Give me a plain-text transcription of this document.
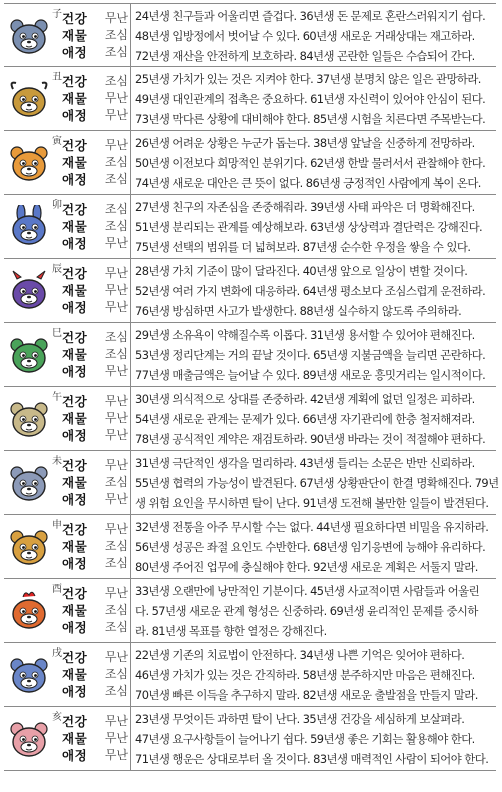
子 건강 무난
재물 조심
애정 조심

24년생 친구들과 어울리면 즐겁다. 36년생 돈 문제로 혼란스러워지기 쉽다.

48년생 입방정에서 벗어날 수 있다. 60년생 새로운 거래상대는 재고하라.

72년생 재산을 안전하게 보호하라. 84년생 곤란한 일들은 수습되어 간다.

丑 건강 조심
재물 무난
애정 무난

25년생 가치가 있는 것은 지켜야 한다. 37년생 분명치 않은 일은 관망하라.

49년생 대인관계의 접촉은 중요하다. 61년생 자신력이 있어야 안심이 된다.

73년생 막다른 상황에 대비해야 한다. 85년생 시험을 치른다면 주목받는다.

寅 건강 무난
재물 조심
애정 조심

26년생 어려운 상황은 누군가 돕는다. 38년생 앞날을 신중하게 전망하라.

50년생 이전보다 희망적인 분위기다. 62년생 한발 물러서서 관찰해야 한다.

74년생 새로운 대안은 큰 뜻이 없다. 86년생 긍정적인 사람에게 복이 온다.

卯 건강 조심
재물 조심
애정 무난

27년생 친구의 자존심을 존중해줘라. 39년생 사태 파악은 더 명확해진다.

51년생 분리되는 관계를 예상해보라. 63년생 상상력과 결단력은 강해진다.

75년생 선택의 범위를 더 넓혀보라. 87년생 순수한 우정을 쌓을 수 있다.

辰 건강 무난
재물 무난
애정 무난

28년생 가치 기준이 많이 달라진다. 40년생 앞으로 일상이 변할 것이다.

52년생 여러 가지 변화에 대응하라. 64년생 평소보다 조심스럽게 운전하라.

76년생 방심하면 사고가 발생한다. 88년생 실수하지 않도록 주의하라.

巳 건강 조심
재물 조심
애정 무난

29년생 소유욕이 약해질수록 이롭다. 31년생 용서할 수 있어야 편해진다.

53년생 정리단계는 거의 끝날 것이다. 65년생 지불금액을 늘리면 곤란하다.

77년생 매출금액은 늘어날 수 있다. 89년생 새로운 흥밋거리는 일시적이다.

午 건강 무난
재물 무난
애정 무난

30년생 의식적으로 상대를 존중하라. 42년생 계획에 없던 일정은 피하라.

54년생 새로운 관계는 문제가 있다. 66년생 자기관리에 한층 철저해져라.

78년생 공식적인 계약은 재검토하라. 90년생 바라는 것이 적절해야 편하다.

未 건강 무난
재물 조심
애정 무난

31년생 극단적인 생각을 멀리하라. 43년생 들리는 소문은 반만 신뢰하라.

55년생 협력의 가능성이 발견된다. 67년생 상황판단이 한결 명확해진다. 79년

생 위험 요인을 무시하면 탈이 난다. 91년생 도전해 볼만한 일들이 발견된다.

申 건강 무난
재물 조심
애정 조심

32년생 전통을 아주 무시할 수는 없다. 44년생 필요하다면 비밀을 유지하라.

56년생 성공은 좌절 요인도 수반한다. 68년생 임기응변에 능해야 유리하다.

80년생 주어진 업무에 충실해야 한다. 92년생 새로운 계획은 서둘지 말라.

酉 건강 무난
재물 조심
애정 조심

33년생 오랜만에 낭만적인 기분이다. 45년생 사교적이면 사람들과 어울린

다. 57년생 새로운 관계 형성은 신중하라. 69년생 윤리적인 문제를 중시하

라. 81년생 목표를 향한 열정은 강해진다.

戌 건강 무난
재물 조심
애정 조심

22년생 기존의 치료법이 안전하다. 34년생 나쁜 기억은 잊어야 편하다.

46년생 가치가 있는 것은 간직하라. 58년생 분주하지만 마음은 편해진다.

70년생 빠른 이득을 추구하지 말라. 82년생 새로운 출발점을 만들지 말라.

亥 건강 무난
재물 무난
애정 무난

23년생 무엇이든 과하면 탈이 난다. 35년생 건강을 세심하게 보살펴라.

47년생 요구사항들이 늘어나기 쉽다. 59년생 좋은 기회는 활용해야 한다.

71년생 행운은 상대로부터 올 것이다. 83년생 매력적인 사람이 되어야 한다.
